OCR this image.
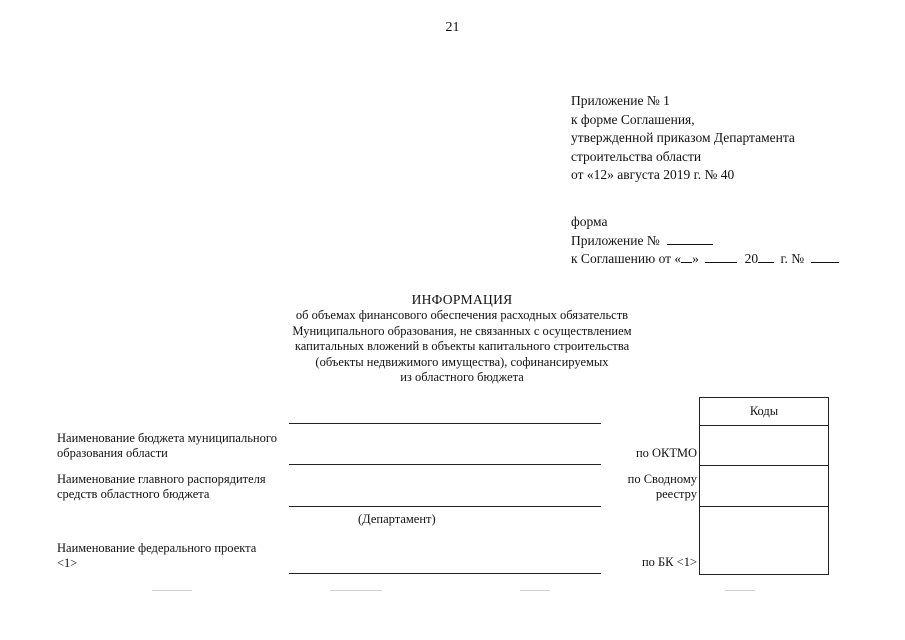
21
Приложение № 1
к форме Соглашения,
утвержденной приказом Департамента
строительства области
от «12» августа 2019 г. № 40
форма
Приложение №
к Соглашению от « »	20 г. №
ИНФОРМАЦИЯ
об объемах финансового обеспечения расходных обязательств
Муниципального образования, не связанных с осуществлением
капитальных вложений в объекты капитального строительства
(объекты недвижимого имущества), софинансируемых
из областного бюджета
Наименование бюджета муниципального
образования области
Наименование главного распорядителя
средств областного бюджета
(Департамент)
Наименование федерального проекта
<1>
Коды
по ОКТМО
по Сводному
реестру
по БК <1>
